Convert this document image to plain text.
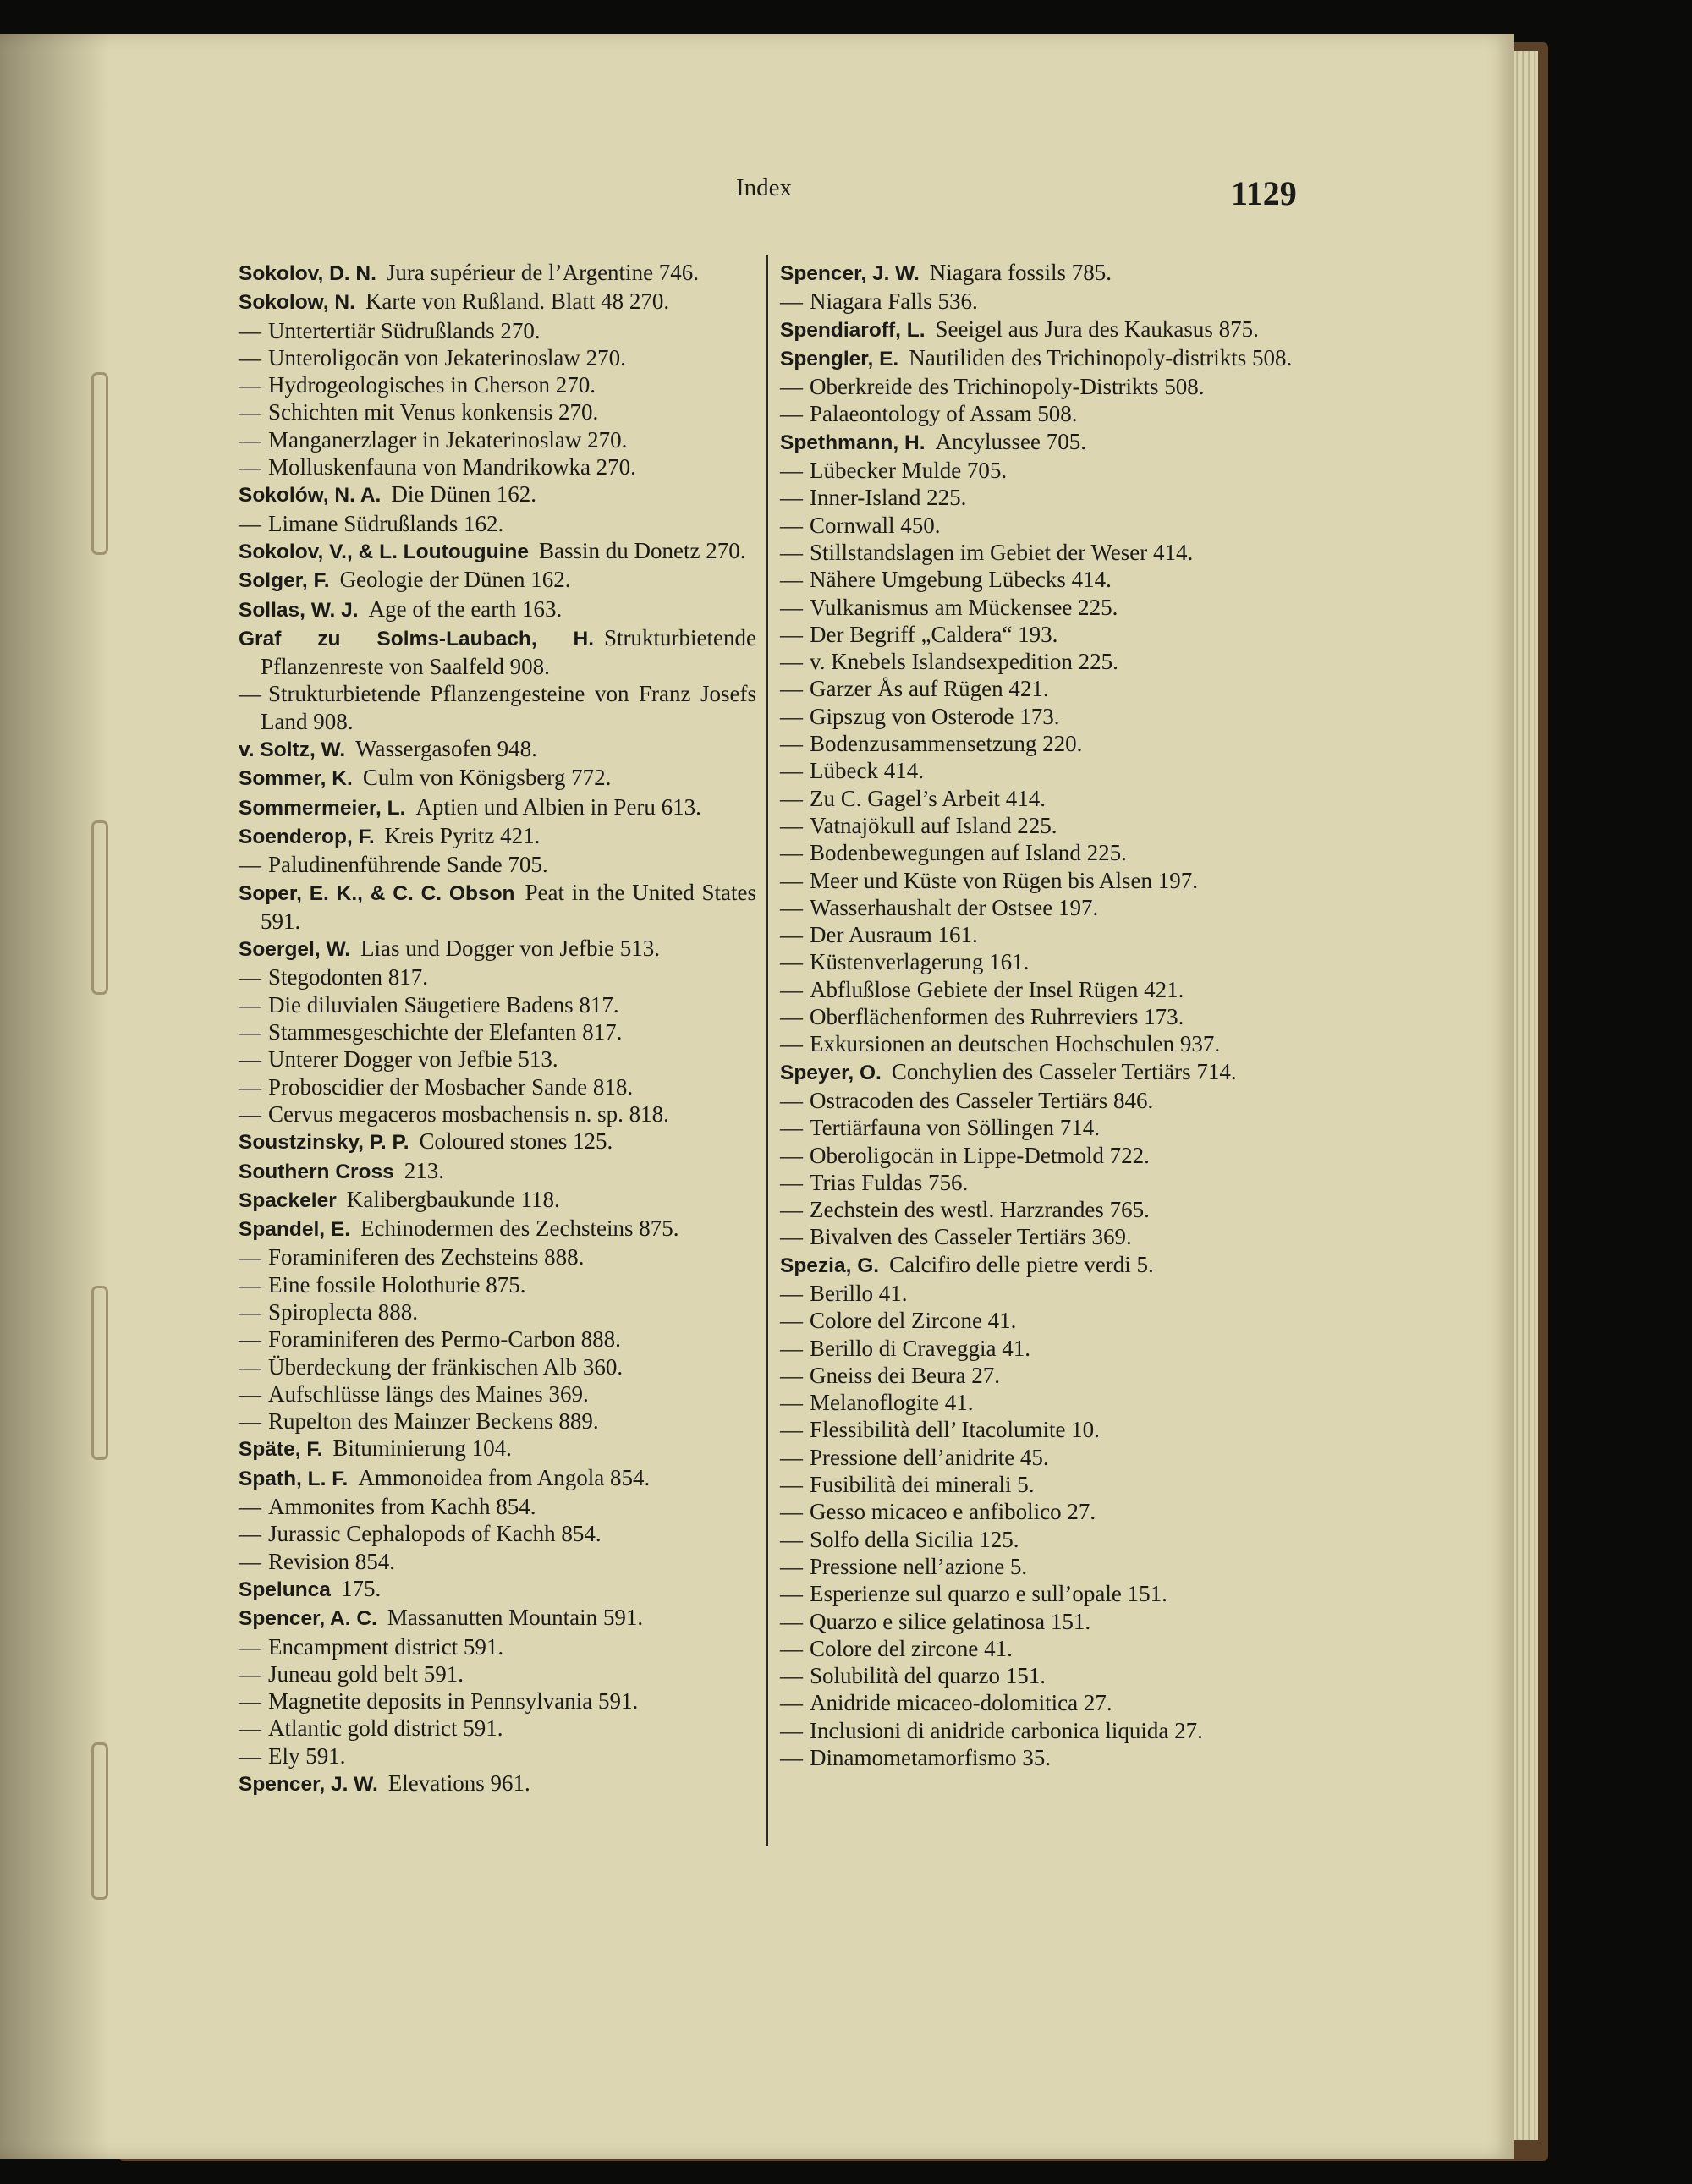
Index	1129
Sokolov, D. N. Jura supérieur de l’Argentine 746.
Sokolow, N. Karte von Rußland. Blatt 48 270.
— Untertertiär Südrußlands 270.
— Unteroligocän von Jekaterinoslaw 270.
— Hydrogeologisches in Cherson 270.
— Schichten mit Venus konkensis 270.
— Manganerzlager in Jekaterinoslaw 270.
— Molluskenfauna von Mandrikowka 270.
Sokolów, N. A. Die Dünen 162.
— Limane Südrußlands 162.
Sokolov, V., & L. Loutouguine Bassin du Donetz 270.
Solger, F. Geologie der Dünen 162.
Sollas, W. J. Age of the earth 163.
Graf zu Solms-Laubach, H. Strukturbietende Pflanzenreste von Saalfeld 908.
— Strukturbietende Pflanzengesteine von Franz Josefs Land 908.
v. Soltz, W. Wassergasofen 948.
Sommer, K. Culm von Königsberg 772.
Sommermeier, L. Aptien und Albien in Peru 613.
Soenderop, F. Kreis Pyritz 421.
— Paludinenführende Sande 705.
Soper, E. K., & C. C. Obson Peat in the United States 591.
Soergel, W. Lias und Dogger von Jefbie 513.
— Stegodonten 817.
— Die diluvialen Säugetiere Badens 817.
— Stammesgeschichte der Elefanten 817.
— Unterer Dogger von Jefbie 513.
— Proboscidier der Mosbacher Sande 818.
— Cervus megaceros mosbachensis n. sp. 818.
Soustzinsky, P. P. Coloured stones 125.
Southern Cross 213.
Spackeler Kalibergbaukunde 118.
Spandel, E. Echinodermen des Zechsteins 875.
— Foraminiferen des Zechsteins 888.
— Eine fossile Holothurie 875.
— Spiroplecta 888.
— Foraminiferen des Permo-Carbon 888.
— Überdeckung der fränkischen Alb 360.
— Aufschlüsse längs des Maines 369.
— Rupelton des Mainzer Beckens 889.
Späte, F. Bituminierung 104.
Spath, L. F. Ammonoidea from Angola 854.
— Ammonites from Kachh 854.
— Jurassic Cephalopods of Kachh 854.
— Revision 854.
Spelunca 175.
Spencer, A. C. Massanutten Mountain 591.
— Encampment district 591.
— Juneau gold belt 591.
— Magnetite deposits in Pennsylvania 591.
— Atlantic gold district 591.
— Ely 591.
Spencer, J. W. Elevations 961.
Spencer, J. W. Niagara fossils 785.
— Niagara Falls 536.
Spendiaroff, L. Seeigel aus Jura des Kaukasus 875.
Spengler, E. Nautiliden des Trichinopoly-distrikts 508.
— Oberkreide des Trichinopoly-Distrikts 508.
— Palaeontology of Assam 508.
Spethmann, H. Ancylussee 705.
— Lübecker Mulde 705.
— Inner-Island 225.
— Cornwall 450.
— Stillstandslagen im Gebiet der Weser 414.
— Nähere Umgebung Lübecks 414.
— Vulkanismus am Mückensee 225.
— Der Begriff „Caldera“ 193.
— v. Knebels Islandsexpedition 225.
— Garzer Ås auf Rügen 421.
— Gipszug von Osterode 173.
— Bodenzusammensetzung 220.
— Lübeck 414.
— Zu C. Gagel’s Arbeit 414.
— Vatnajökull auf Island 225.
— Bodenbewegungen auf Island 225.
— Meer und Küste von Rügen bis Alsen 197.
— Wasserhaushalt der Ostsee 197.
— Der Ausraum 161.
— Küstenverlagerung 161.
— Abflußlose Gebiete der Insel Rügen 421.
— Oberflächenformen des Ruhrreviers 173.
— Exkursionen an deutschen Hochschulen 937.
Speyer, O. Conchylien des Casseler Tertiärs 714.
— Ostracoden des Casseler Tertiärs 846.
— Tertiärfauna von Söllingen 714.
— Oberoligocän in Lippe-Detmold 722.
— Trias Fuldas 756.
— Zechstein des westl. Harzrandes 765.
— Bivalven des Casseler Tertiärs 369.
Spezia, G. Calcifiro delle pietre verdi 5.
— Berillo 41.
— Colore del Zircone 41.
— Berillo di Craveggia 41.
— Gneiss dei Beura 27.
— Melanoflogite 41.
— Flessibilità dell’ Itacolumite 10.
— Pressione dell’anidrite 45.
— Fusibilità dei minerali 5.
— Gesso micaceo e anfibolico 27.
— Solfo della Sicilia 125.
— Pressione nell’azione 5.
— Esperienze sul quarzo e sull’opale 151.
— Quarzo e silice gelatinosa 151.
— Colore del zircone 41.
— Solubilità del quarzo 151.
— Anidride micaceo-dolomitica 27.
— Inclusioni di anidride carbonica liquida 27.
— Dinamometamorfismo 35.
